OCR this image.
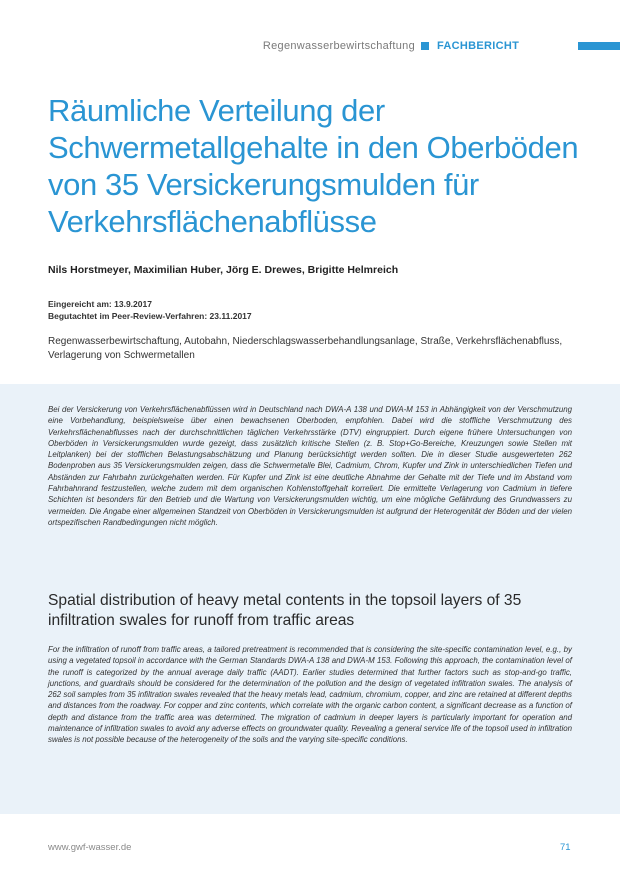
Regenwasserbewirtschaftung FACHBERICHT
Räumliche Verteilung der Schwermetallgehalte in den Oberböden von 35 Versickerungsmulden für Verkehrsflächenabflüsse
Nils Horstmeyer, Maximilian Huber, Jörg E. Drewes, Brigitte Helmreich
Eingereicht am: 13.9.2017
Begutachtet im Peer-Review-Verfahren: 23.11.2017
Regenwasserbewirtschaftung, Autobahn, Niederschlagswasserbehandlungsanlage, Straße, Verkehrsflächenabfluss, Verlagerung von Schwermetallen

Bei der Versickerung von Verkehrsflächenabflüssen wird in Deutschland nach DWA-A 138 und DWA-M 153 in Abhängigkeit von der Verschmutzung eine Vorbehandlung, beispielsweise über einen bewachsenen Oberboden, empfohlen. Dabei wird die stoffliche Verschmutzung des Verkehrsflächenabflusses nach der durchschnittlichen täglichen Verkehrsstärke (DTV) eingruppiert. Durch eigene frühere Untersuchungen von Oberböden in Versickerungsmulden wurde gezeigt, dass zusätzlich kritische Stellen (z. B. Stop+Go-Bereiche, Kreuzungen sowie Stellen mit Leitplanken) bei der stofflichen Belastungsabschätzung und Planung berücksichtigt werden sollten. Die in dieser Studie ausgewerteten 262 Bodenproben aus 35 Versickerungsmulden zeigen, dass die Schwermetalle Blei, Cadmium, Chrom, Kupfer und Zink in unterschiedlichen Tiefen und Abständen zur Fahrbahn zurückgehalten werden. Für Kupfer und Zink ist eine deutliche Abnahme der Gehalte mit der Tiefe und im Abstand vom Fahrbahnrand festzustellen, welche zudem mit dem organischen Kohlenstoffgehalt korreliert. Die ermittelte Verlagerung von Cadmium in tiefere Schichten ist besonders für den Betrieb und die Wartung von Versickerungsmulden wichtig, um eine mögliche Gefährdung des Grundwassers zu vermeiden. Die Angabe einer allgemeinen Standzeit von Oberböden in Versickerungsmulden ist aufgrund der Heterogenität der Böden und der vielen ortspezifischen Randbedingungen nicht möglich.

Spatial distribution of heavy metal contents in the topsoil layers of 35 infiltration swales for runoff from traffic areas

For the infiltration of runoff from traffic areas, a tailored pretreatment is recommended that is considering the site-specific contamination level, e.g., by using a vegetated topsoil in accordance with the German Standards DWA-A 138 and DWA-M 153. Following this approach, the contamination level of the runoff is categorized by the annual average daily traffic (AADT). Earlier studies determined that further factors such as stop-and-go traffic, junctions, and guardrails should be considered for the determination of the pollution and the design of vegetated infiltration swales. The analysis of 262 soil samples from 35 infiltration swales revealed that the heavy metals lead, cadmium, chromium, copper, and zinc are retained at different depths and distances from the roadway. For copper and zinc contents, which correlate with the organic carbon content, a significant decrease as a function of depth and distance from the traffic area was determined. The migration of cadmium in deeper layers is particularly important for operation and maintenance of infiltration swales to avoid any adverse effects on groundwater quality. Revealing a general service life of the topsoil used in infiltration swales is not possible because of the heterogeneity of the soils and the varying site-specific conditions.

www.gwf-wasser.de	71
